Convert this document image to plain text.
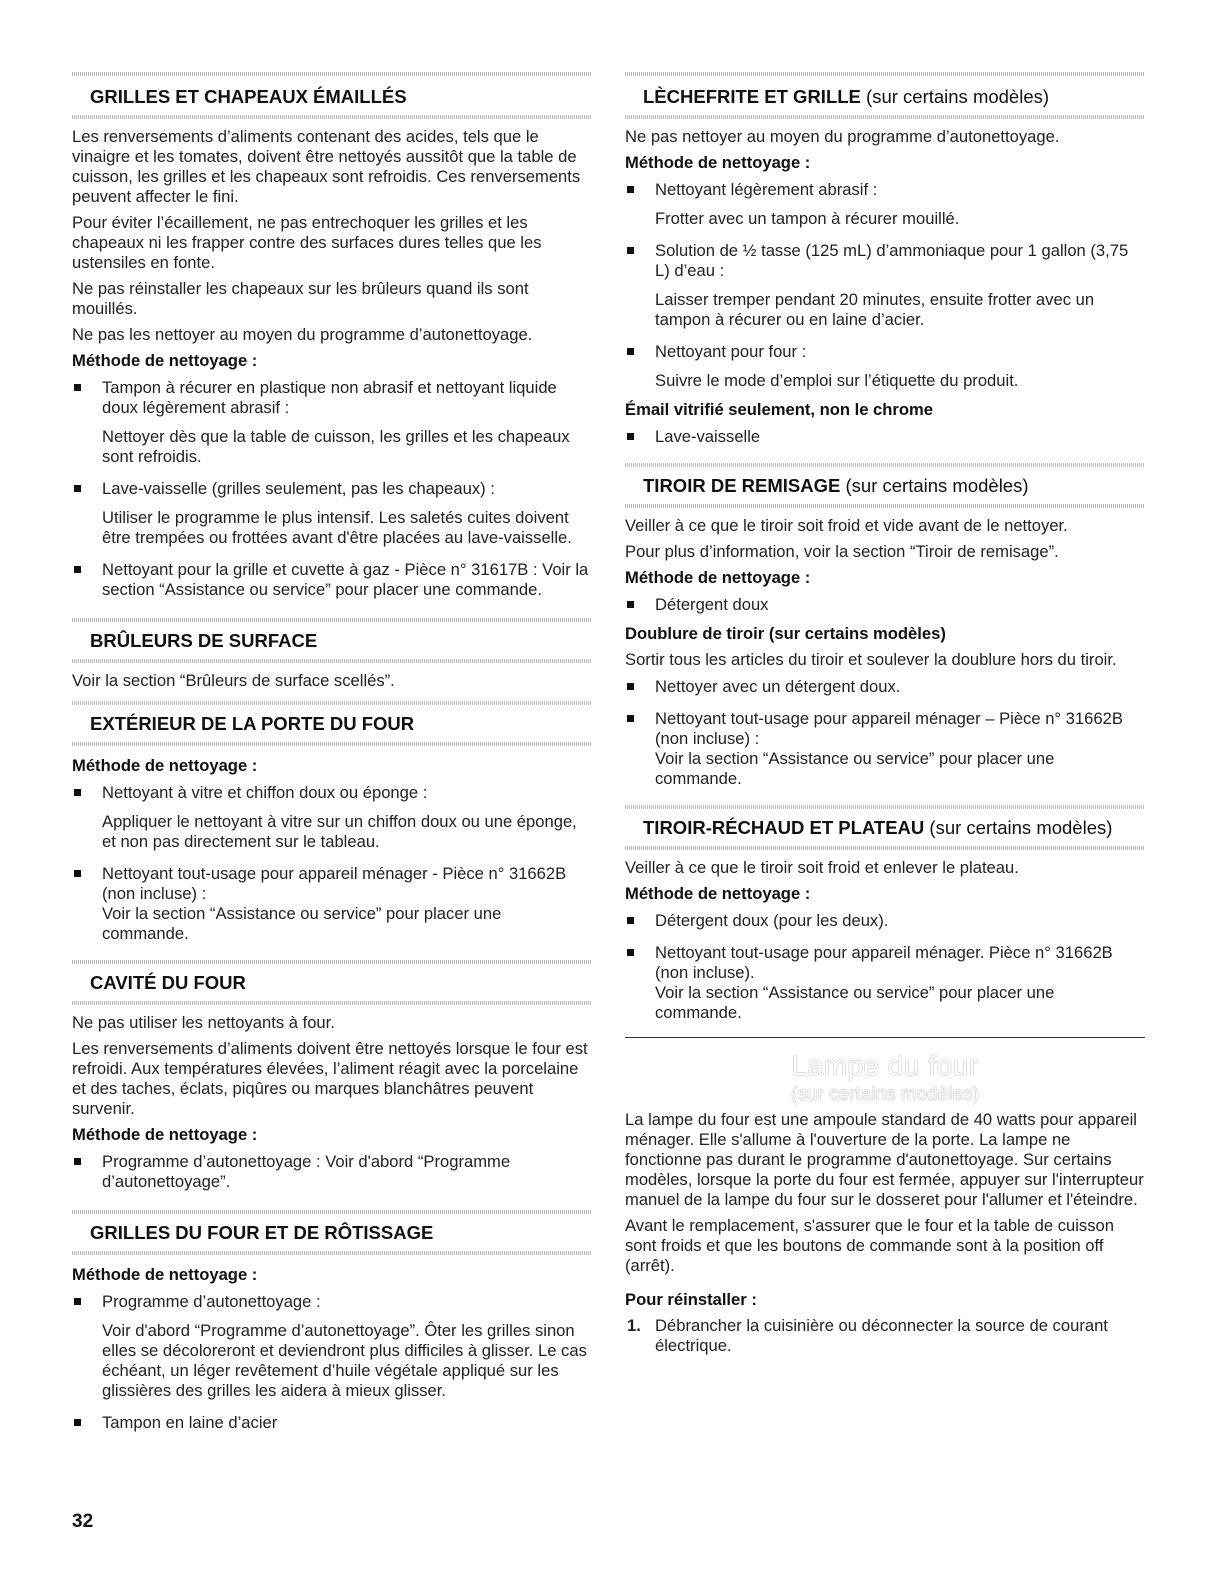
GRILLES ET CHAPEAUX ÉMAILLÉS

Les renversements d’aliments contenant des acides, tels que le vinaigre et les tomates, doivent être nettoyés aussitôt que la table de cuisson, les grilles et les chapeaux sont refroidis. Ces renversements peuvent affecter le fini.

Pour éviter l’écaillement, ne pas entrechoquer les grilles et les chapeaux ni les frapper contre des surfaces dures telles que les ustensiles en fonte.

Ne pas réinstaller les chapeaux sur les brûleurs quand ils sont mouillés.

Ne pas les nettoyer au moyen du programme d’autonettoyage.

Méthode de nettoyage :
Tampon à récurer en plastique non abrasif et nettoyant liquide doux légèrement abrasif :
Nettoyer dès que la table de cuisson, les grilles et les chapeaux sont refroidis.
Lave-vaisselle (grilles seulement, pas les chapeaux) :
Utiliser le programme le plus intensif. Les saletés cuites doivent être trempées ou frottées avant d'être placées au lave-vaisselle.
Nettoyant pour la grille et cuvette à gaz - Pièce n° 31617B : Voir la section “Assistance ou service” pour placer une commande.
BRÛLEURS DE SURFACE

Voir la section “Brûleurs de surface scellés”.

EXTÉRIEUR DE LA PORTE DU FOUR
Méthode de nettoyage :
Nettoyant à vitre et chiffon doux ou éponge :
Appliquer le nettoyant à vitre sur un chiffon doux ou une éponge, et non pas directement sur le tableau.
Nettoyant tout-usage pour appareil ménager - Pièce n° 31662B (non incluse) :
Voir la section “Assistance ou service” pour placer une commande.
CAVITÉ DU FOUR

Ne pas utiliser les nettoyants à four.

Les renversements d’aliments doivent être nettoyés lorsque le four est refroidi. Aux températures élevées, l’aliment réagit avec la porcelaine et des taches, éclats, piqûres ou marques blanchâtres peuvent survenir.

Méthode de nettoyage :
Programme d’autonettoyage : Voir d'abord “Programme d’autonettoyage”.
GRILLES DU FOUR ET DE RÔTISSAGE
Méthode de nettoyage :
Programme d’autonettoyage :
Voir d'abord “Programme d’autonettoyage”. Ôter les grilles sinon elles se décoloreront et deviendront plus difficiles à glisser. Le cas échéant, un léger revêtement d’huile végétale appliqué sur les glissières des grilles les aidera à mieux glisser.
Tampon en laine d’acier
LÈCHEFRITE ET GRILLE (sur certains modèles)

Ne pas nettoyer au moyen du programme d’autonettoyage.

Méthode de nettoyage :
Nettoyant légèrement abrasif :
Frotter avec un tampon à récurer mouillé.
Solution de ½ tasse (125 mL) d’ammoniaque pour 1 gallon (3,75 L) d’eau :
Laisser tremper pendant 20 minutes, ensuite frotter avec un tampon à récurer ou en laine d’acier.
Nettoyant pour four :
Suivre le mode d’emploi sur l’étiquette du produit.
Émail vitrifié seulement, non le chrome
Lave-vaisselle
TIROIR DE REMISAGE (sur certains modèles)

Veiller à ce que le tiroir soit froid et vide avant de le nettoyer.

Pour plus d’information, voir la section “Tiroir de remisage”.

Méthode de nettoyage :
Détergent doux
Doublure de tiroir (sur certains modèles)

Sortir tous les articles du tiroir et soulever la doublure hors du tiroir.

Nettoyer avec un détergent doux.
Nettoyant tout-usage pour appareil ménager – Pièce n° 31662B (non incluse) :
Voir la section “Assistance ou service” pour placer une commande.
TIROIR-RÉCHAUD ET PLATEAU (sur certains modèles)

Veiller à ce que le tiroir soit froid et enlever le plateau.

Méthode de nettoyage :
Détergent doux (pour les deux).
Nettoyant tout-usage pour appareil ménager. Pièce n° 31662B (non incluse).
Voir la section “Assistance ou service” pour placer une commande.
Lampe du four
(sur certains modèles)

La lampe du four est une ampoule standard de 40 watts pour appareil ménager. Elle s'allume à l'ouverture de la porte. La lampe ne fonctionne pas durant le programme d'autonettoyage. Sur certains modèles, lorsque la porte du four est fermée, appuyer sur l'interrupteur manuel de la lampe du four sur le dosseret pour l'allumer et l'éteindre.

Avant le remplacement, s'assurer que le four et la table de cuisson sont froids et que les boutons de commande sont à la position off (arrêt).

Pour réinstaller :
1. Débrancher la cuisinière ou déconnecter la source de courant électrique.
32
